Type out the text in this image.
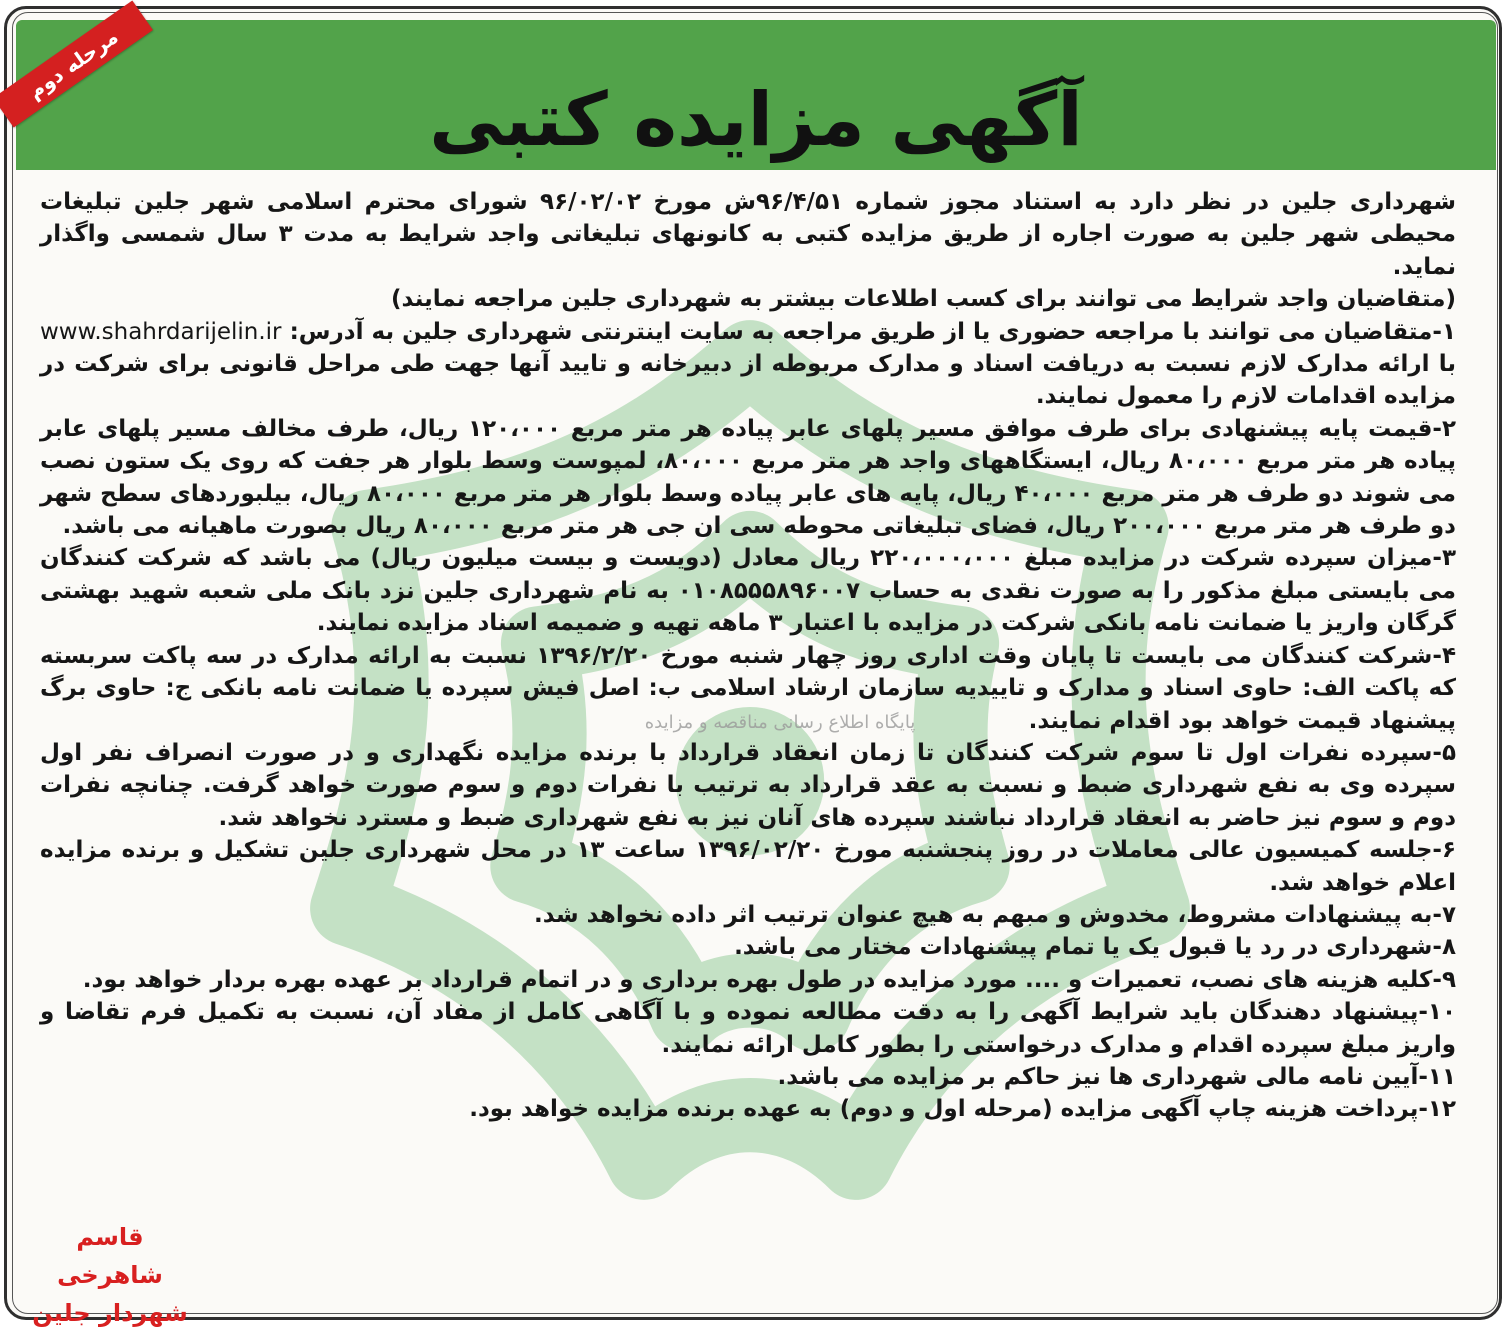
آگهی مزایده کتبی
مرحله دوم
پایگاه اطلاع رسانی مناقصه و مزایده

شهرداری جلین در نظر دارد به استناد مجوز شماره ۹۶/۴/۵۱ش مورخ ۹۶/۰۲/۰۲ شورای محترم اسلامی شهر جلین تبلیغات محیطی شهر جلین به صورت اجاره از طریق مزایده کتبی به کانونهای تبلیغاتی واجد شرایط به مدت ۳ سال شمسی واگذار نماید.

(متقاضیان واجد شرایط می توانند برای کسب اطلاعات بیشتر به شهرداری جلین مراجعه نمایند)

۱-متقاضیان می توانند با مراجعه حضوری یا از طریق مراجعه به سایت اینترنتی شهرداری جلین به آدرس: www.shahrdarijelin.ir با ارائه مدارک لازم نسبت به دریافت اسناد و مدارک مربوطه از دبیرخانه و تایید آنها جهت طی مراحل قانونی برای شرکت در مزایده اقدامات لازم را معمول نمایند.

۲-قیمت پایه پیشنهادی برای طرف موافق مسیر پلهای عابر پیاده هر متر مربع ۱۲۰،۰۰۰ ریال، طرف مخالف مسیر پلهای عابر پیاده هر متر مربع ۸۰،۰۰۰ ریال، ایستگاههای واجد هر متر مربع ۸۰،۰۰۰، لمپوست وسط بلوار هر جفت که روی یک ستون نصب می شوند دو طرف هر متر مربع ۴۰،۰۰۰ ریال، پایه های عابر پیاده وسط بلوار هر متر مربع ۸۰،۰۰۰ ریال، بیلبوردهای سطح شهر دو طرف هر متر مربع ۲۰۰،۰۰۰ ریال، فضای تبلیغاتی محوطه سی ان جی هر متر مربع ۸۰،۰۰۰ ریال بصورت ماهیانه می باشد.

۳-میزان سپرده شرکت در مزایده مبلغ ۲۲۰،۰۰۰،۰۰۰ ریال معادل (دویست و بیست میلیون ریال) می باشد که شرکت کنندگان می بایستی مبلغ مذکور را به صورت نقدی به حساب ۰۱۰۸۵۵۵۸۹۶۰۰۷ به نام شهرداری جلین نزد بانک ملی شعبه شهید بهشتی گرگان واریز یا ضمانت نامه بانکی شرکت در مزایده با اعتبار ۳ ماهه تهیه و ضمیمه اسناد مزایده نمایند.

۴-شرکت کنندگان می بایست تا پایان وقت اداری روز چهار شنبه مورخ ۱۳۹۶/۲/۲۰ نسبت به ارائه مدارک در سه پاکت سربسته که پاکت الف: حاوی اسناد و مدارک و تاییدیه سازمان ارشاد اسلامی ب: اصل فیش سپرده یا ضمانت نامه بانکی ج: حاوی برگ پیشنهاد قیمت خواهد بود اقدام نمایند.

۵-سپرده نفرات اول تا سوم شرکت کنندگان تا زمان انعقاد قرارداد با برنده مزایده نگهداری و در صورت انصراف نفر اول سپرده وی به نفع شهرداری ضبط و نسبت به عقد قرارداد به ترتیب با نفرات دوم و سوم صورت خواهد گرفت. چنانچه نفرات دوم و سوم نیز حاضر به انعقاد قرارداد نباشند سپرده های آنان نیز به نفع شهرداری ضبط و مسترد نخواهد شد.

۶-جلسه کمیسیون عالی معاملات در روز پنجشنبه مورخ ۱۳۹۶/۰۲/۲۰ ساعت ۱۳ در محل شهرداری جلین تشکیل و برنده مزایده اعلام خواهد شد.

۷-به پیشنهادات مشروط، مخدوش و مبهم به هیچ عنوان ترتیب اثر داده نخواهد شد.

۸-شهرداری در رد یا قبول یک یا تمام پیشنهادات مختار می باشد.

۹-کلیه هزینه های نصب، تعمیرات و .... مورد مزایده در طول بهره برداری و در اتمام قرارداد بر عهده بهره بردار خواهد بود.

۱۰-پیشنهاد دهندگان باید شرایط آگهی را به دقت مطالعه نموده و با آگاهی کامل از مفاد آن، نسبت به تکمیل فرم تقاضا و واریز مبلغ سپرده اقدام و مدارک درخواستی را بطور کامل ارائه نمایند.

۱۱-آیین نامه مالی شهرداری ها نیز حاکم بر مزایده می باشد.

۱۲-پرداخت هزینه چاپ آگهی مزایده (مرحله اول و دوم) به عهده برنده مزایده خواهد بود.

قاسم شاهرخی
شهردار جلین
